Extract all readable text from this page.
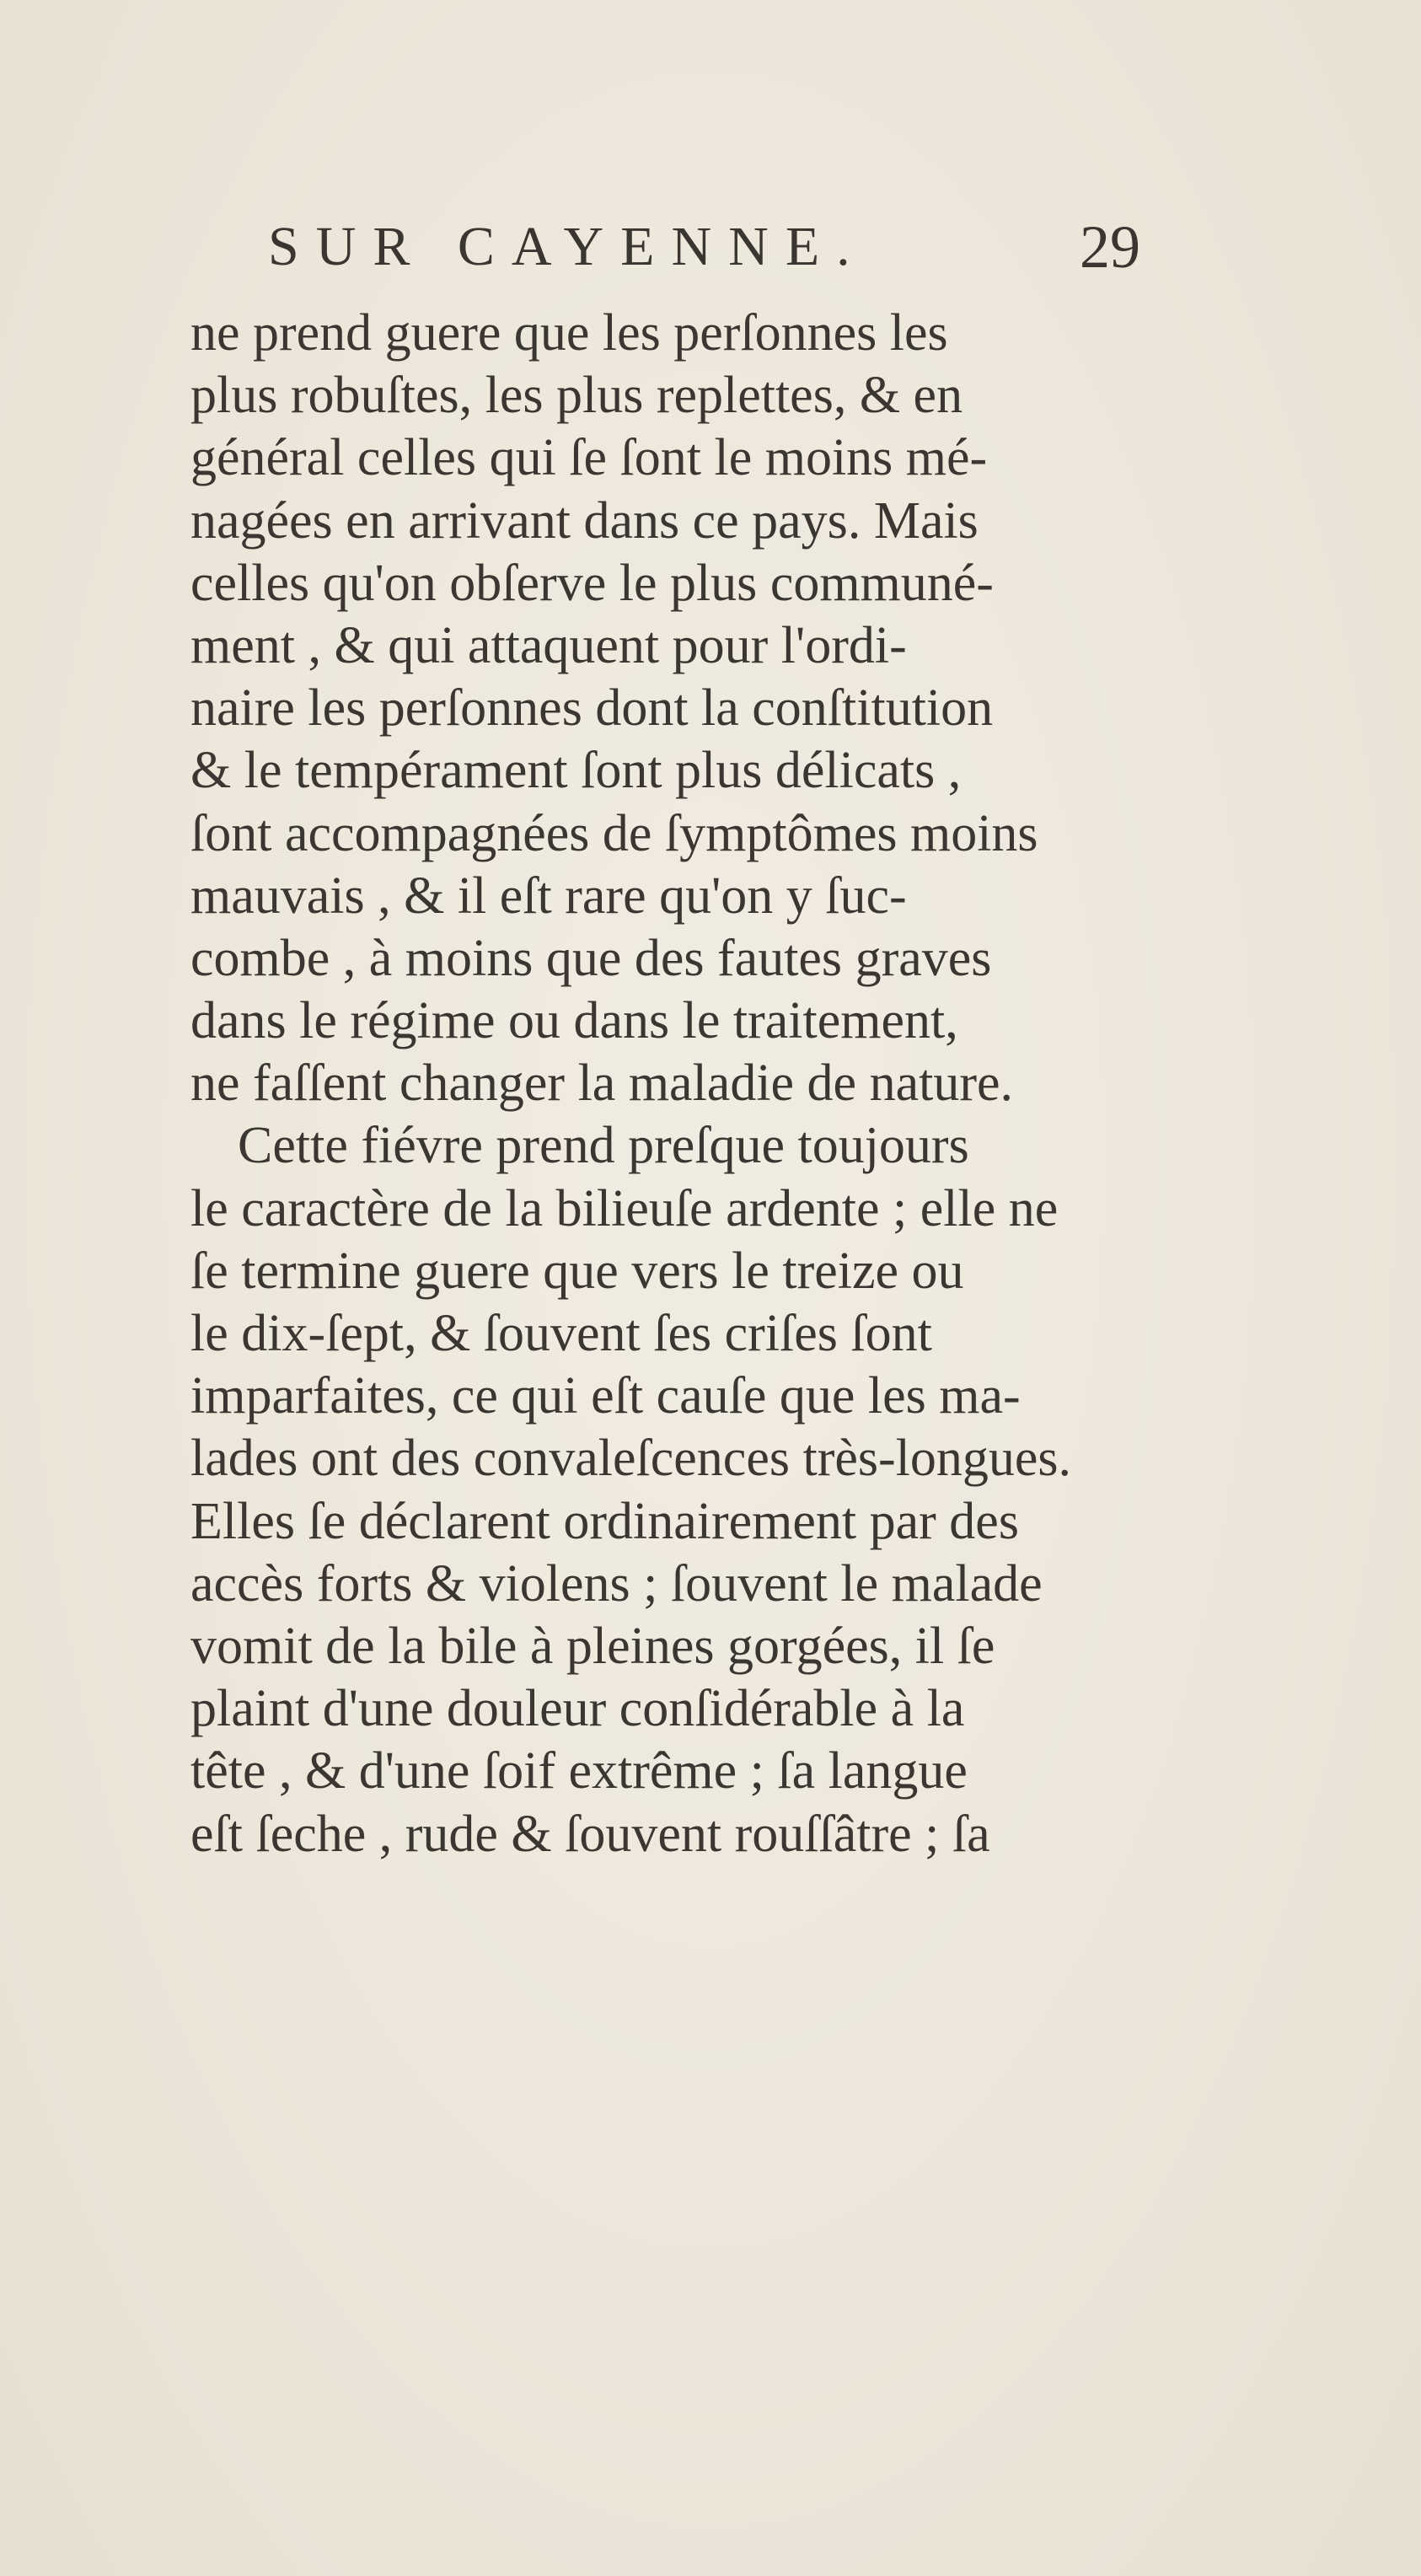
SUR CAYENNE.	29
ne prend guere que les perſonnes les
plus robuſtes, les plus replettes, & en
général celles qui ſe ſont le moins mé-
nagées en arrivant dans ce pays. Mais
celles qu'on obſerve le plus communé-
ment , & qui attaquent pour l'ordi-
naire les perſonnes dont la conſtitution
& le tempérament ſont plus délicats ,
ſont accompagnées de ſymptômes moins
mauvais , & il eſt rare qu'on y ſuc-
combe , à moins que des fautes graves
dans le régime ou dans le traitement,
ne faſſent changer la maladie de nature.
Cette fiévre prend preſque toujours
le caractère de la bilieuſe ardente ; elle ne
ſe termine guere que vers le treize ou
le dix-ſept, & ſouvent ſes criſes ſont
imparfaites, ce qui eſt cauſe que les ma-
lades ont des convaleſcences très-longues.
Elles ſe déclarent ordinairement par des
accès forts & violens ; ſouvent le malade
vomit de la bile à pleines gorgées, il ſe
plaint d'une douleur conſidérable à la
tête , & d'une ſoif extrême ; ſa langue
eſt ſeche , rude & ſouvent rouſſâtre ; ſa
